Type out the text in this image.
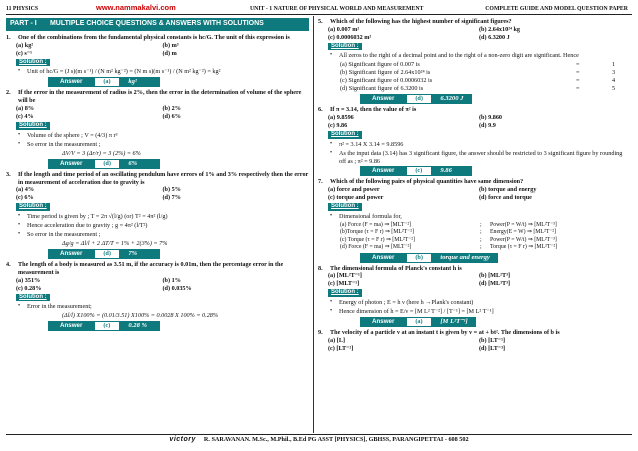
11 PHYSICS	www.nammakalvi.com	UNIT - 1 NATURE OF PHYSICAL WORLD AND MEASUREMENT	COMPLETE GUIDE AND MODEL QUESTION PAPER
PART - I MULTIPLE CHOICE QUESTIONS & ANSWERS WITH SOLUTIONS
1.	One of the combinations from the fundamental physical constants is hc/G. The unit of this expression is
(a) kg²	(b) m³
(c) s⁻¹	(d) m
Solution :
•	Unit of hc/G = (J s)(m s⁻¹) / (N m² kg⁻²) = (N m s)(m s⁻¹) / (N m² kg⁻²) = kg²
Answer	(a)	kg²
2.	If the error in the measurement of radius is 2%, then the error in the determination of volume of the sphere will be
(a) 8%	(b) 2%
(c) 4%	(d) 6%
Solution :
•	Volume of the sphere ; V = (4/3) π r³
•	So error in the measurement ;
ΔV/V = 3 (Δr/r) = 3 (2%) = 6%
Answer	(d)	6%
3.	If the length and time period of an oscillating pendulum have errors of 1% and 3% respectively then the error in measurement of acceleration due to gravity is
(a) 4%	(b) 5%
(c) 6%	(d) 7%
Solution :
•	Time period is given by ; T = 2π √(l/g) (or) T² = 4π² (l/g)
•	Hence acceleration due to gravity ; g = 4π² (l/T²)
•	So error in the measurement ;
Δg/g = Δl/l + 2 ΔT/T = 1% + 2(3%) = 7%
Answer	(d)	7%
4.	The length of a body is measured as 3.51 m, if the accuracy is 0.01m, then the percentage error in the measurement is
(a) 351%	(b) 1%
(c) 0.28%	(d) 0.035%
Solution :
•	Error in the measurement;
(Δl/l) X100% = (0.01/3.51) X100% = 0.0028 X 100% = 0.28%
Answer	(c)	0.28 %
5.	Which of the following has the highest number of significant figures?
(a) 0.007 m²	(b) 2.64x10²⁴ kg
(c) 0.0006032 m²	(d) 6.3200 J
Solution :
•	All zeros to the right of a decimal point and to the right of a non-zero digit are significant. Hence
(a) Significant figure of 0.007 is	=	1
(b) Significant figure of 2.64x10²⁴ is	=	3
(c) Significant figure of 0.0006032 is	=	4
(d) Significant figure of 6.3200 is	=	5
Answer	(d)	6.3200 J
6.	If π = 3.14, then the value of π² is
(a) 9.8596	(b) 9.860
(c) 9.86	(d) 9.9
Solution :
•	π² = 3.14 X 3.14 = 9.8596
•	As the input data (3.14) has 3 significant figure, the answer should be restricted to 3 significant figure by rounding off as ; π² = 9.86
Answer	(c)	9.86
7.	Which of the following pairs of physical quantities have same dimension?
(a) force and power	(b) torque and energy
(c) torque and power	(d) force and torque
Solution :
•	Dimensional formula for,
(a) Force (F = ma) ⇒ [MLT⁻²]	;	Power(P = W/t) ⇒ [ML²T⁻³]
(b)Torque (τ = F r) ⇒ [ML²T⁻²]	;	Energy(E = W) ⇒ [ML²T⁻²]
(c) Torque (τ = F r) ⇒ [ML²T⁻²]	;	Power(P = W/t) ⇒ [ML²T⁻³]
(d) Force (F = ma) ⇒ [MLT⁻²]	;	Torque (τ = F r) ⇒ [ML²T⁻²]
Answer	(b)	torque and energy
8.	The dimensional formula of Planck's constant h is
(a) [ML²T⁻¹]	(b) [ML²T³]
(c) [MLT⁻¹]	(d) [ML³T³]
Solution :
•	Energy of photon ; E = h ν (here h →Plank's constant)
•	Hence dimension of h = E/ν = [M L² T⁻²] / [T⁻¹] = [M L² T⁻¹]
Answer	(a)	[M L²T⁻¹]
9.	The velocity of a particle v at an instant t is given by v = at + bt². The dimensions of b is
(a) [L]	(b) [LT⁻¹]
(c) [LT⁻²]	(d) [LT⁻³]
victory R. SARAVANAN. M.Sc., M.Phil., B.Ed PG ASST [PHYSICS], GBHSS, PARANGIPETTAI - 608 502
